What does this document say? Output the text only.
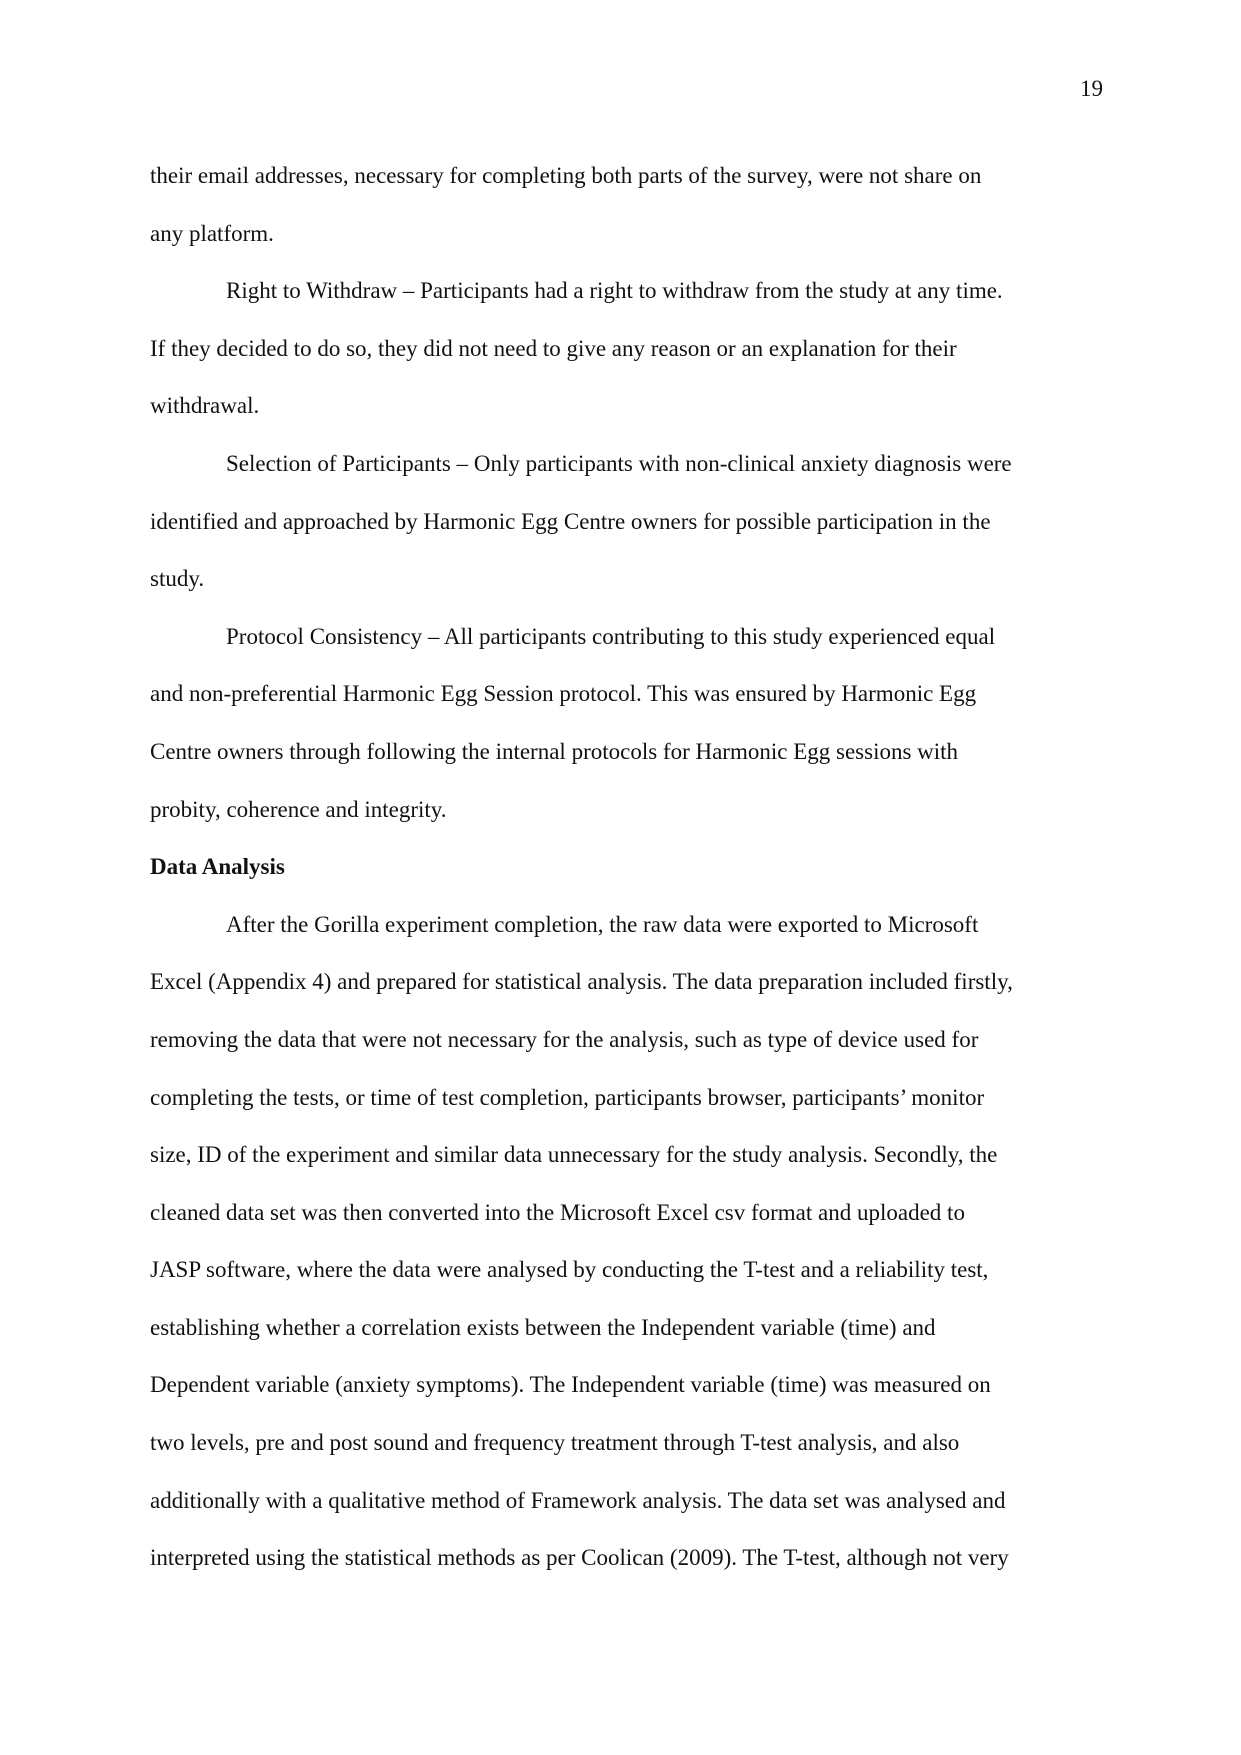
19
their email addresses, necessary for completing both parts of the survey, were not share on
any platform.
Right to Withdraw – Participants had a right to withdraw from the study at any time.
If they decided to do so, they did not need to give any reason or an explanation for their
withdrawal.
Selection of Participants – Only participants with non-clinical anxiety diagnosis were
identified and approached by Harmonic Egg Centre owners for possible participation in the
study.
Protocol Consistency – All participants contributing to this study experienced equal
and non-preferential Harmonic Egg Session protocol. This was ensured by Harmonic Egg
Centre owners through following the internal protocols for Harmonic Egg sessions with
probity, coherence and integrity.
Data Analysis
After the Gorilla experiment completion, the raw data were exported to Microsoft
Excel (Appendix 4) and prepared for statistical analysis. The data preparation included firstly,
removing the data that were not necessary for the analysis, such as type of device used for
completing the tests, or time of test completion, participants browser, participants’ monitor
size, ID of the experiment and similar data unnecessary for the study analysis. Secondly, the
cleaned data set was then converted into the Microsoft Excel csv format and uploaded to
JASP software, where the data were analysed by conducting the T-test and a reliability test,
establishing whether a correlation exists between the Independent variable (time) and
Dependent variable (anxiety symptoms). The Independent variable (time) was measured on
two levels, pre and post sound and frequency treatment through T-test analysis, and also
additionally with a qualitative method of Framework analysis. The data set was analysed and
interpreted using the statistical methods as per Coolican (2009). The T-test, although not very
